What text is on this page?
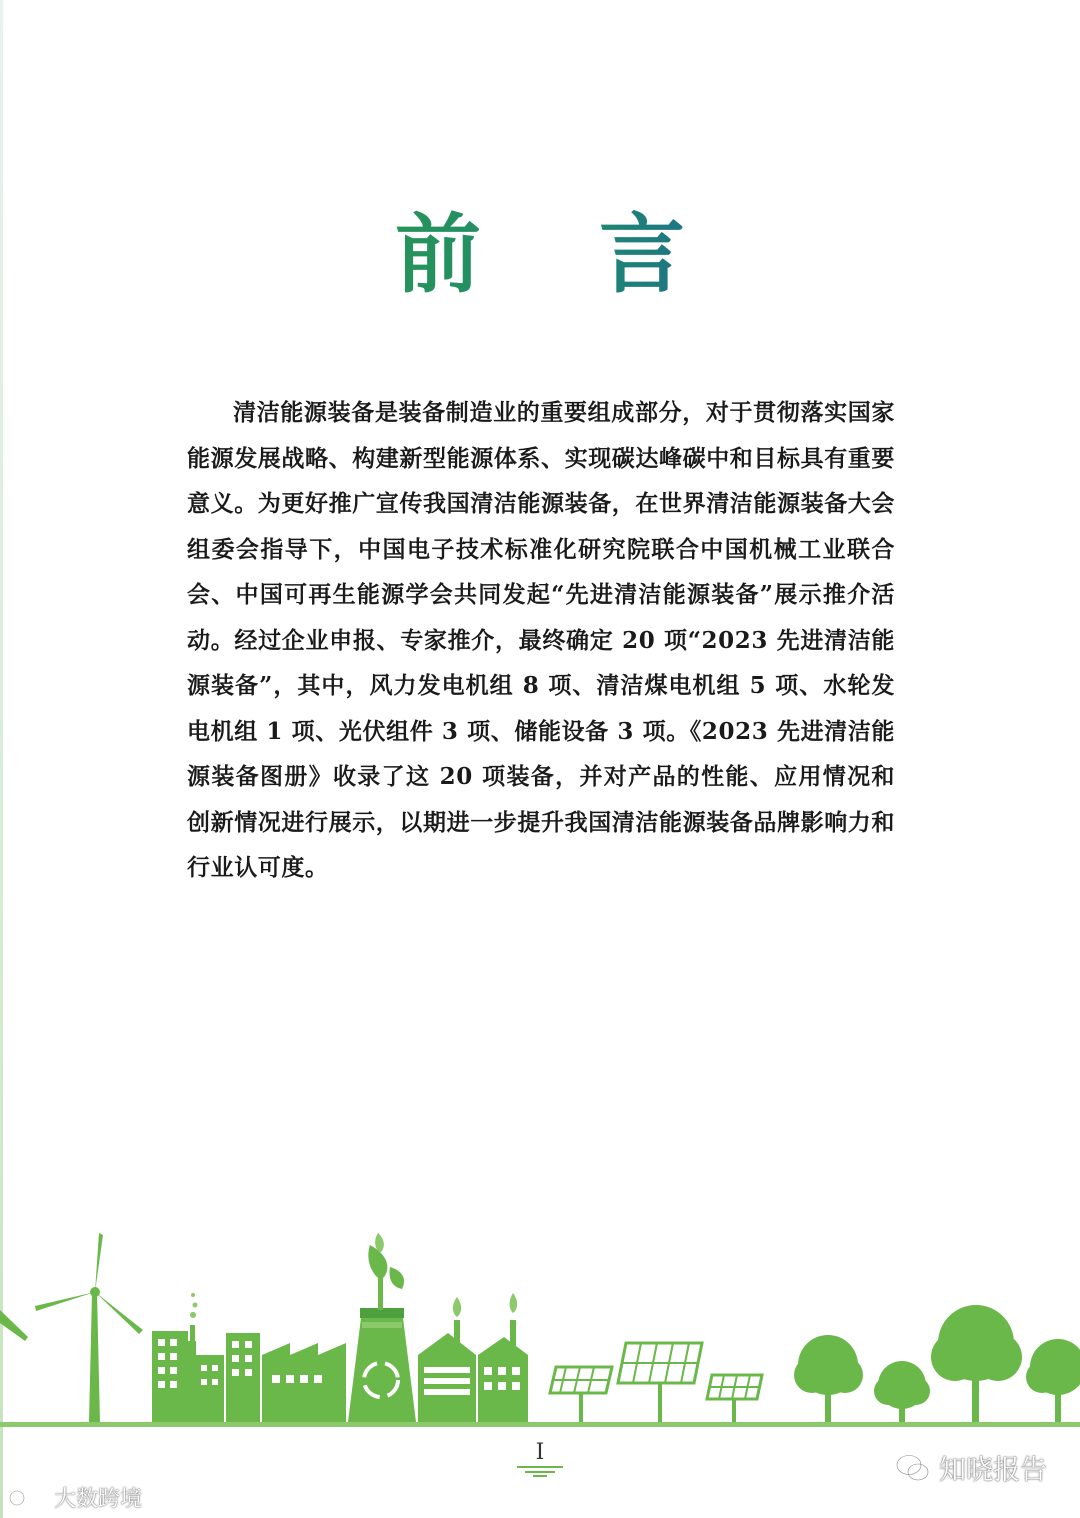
前 言

清洁能源装备是装备制造业的重要组成部分，对于贯彻落实国家能源发展战略、构建新型能源体系、实现碳达峰碳中和目标具有重要意义。为更好推广宣传我国清洁能源装备，在世界清洁能源装备大会组委会指导下，中国电子技术标准化研究院联合中国机械工业联合会、中国可再生能源学会共同发起“先进清洁能源装备”展示推介活动。经过企业申报、专家推介，最终确定 20 项“2023 先进清洁能源装备”，其中，风力发电机组 8 项、清洁煤电机组 5 项、水轮发电机组 1 项、光伏组件 3 项、储能设备 3 项。《2023 先进清洁能源装备图册》收录了这 20 项装备，并对产品的性能、应用情况和创新情况进行展示，以期进一步提升我国清洁能源装备品牌影响力和行业认可度。

I
大数跨境
知晓报告
